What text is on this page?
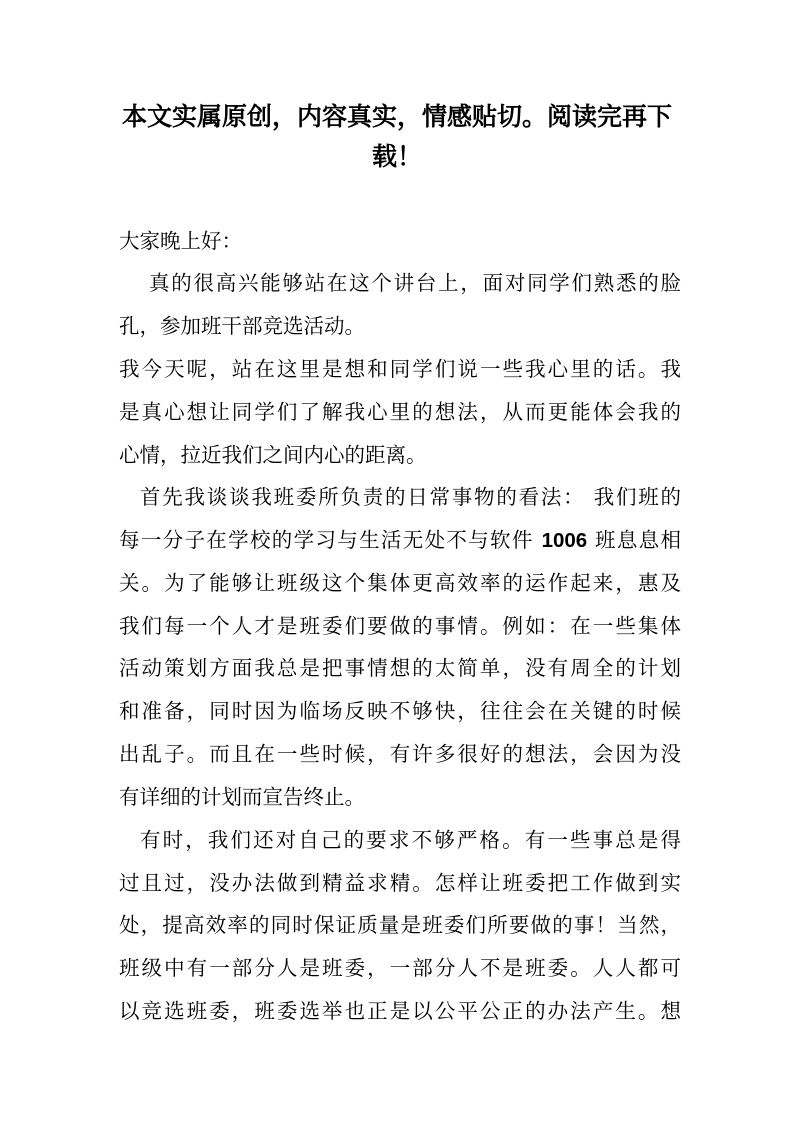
本文实属原创，内容真实，情感贴切。阅读完再下
载！
大家晚上好：
真的很高兴能够站在这个讲台上，面对同学们熟悉的脸
孔，参加班干部竞选活动。
我今天呢，站在这里是想和同学们说一些我心里的话。我
是真心想让同学们了解我心里的想法，从而更能体会我的
心情，拉近我们之间内心的距离。
首先我谈谈我班委所负责的日常事物的看法： 我们班的
每一分子在学校的学习与生活无处不与软件 1006 班息息相
关。为了能够让班级这个集体更高效率的运作起来，惠及
我们每一个人才是班委们要做的事情。例如：在一些集体
活动策划方面我总是把事情想的太简单，没有周全的计划
和准备，同时因为临场反映不够快，往往会在关键的时候
出乱子。而且在一些时候，有许多很好的想法，会因为没
有详细的计划而宣告终止。
有时，我们还对自己的要求不够严格。有一些事总是得
过且过，没办法做到精益求精。怎样让班委把工作做到实
处，提高效率的同时保证质量是班委们所要做的事！当然，
班级中有一部分人是班委，一部分人不是班委。人人都可
以竞选班委，班委选举也正是以公平公正的办法产生。想
